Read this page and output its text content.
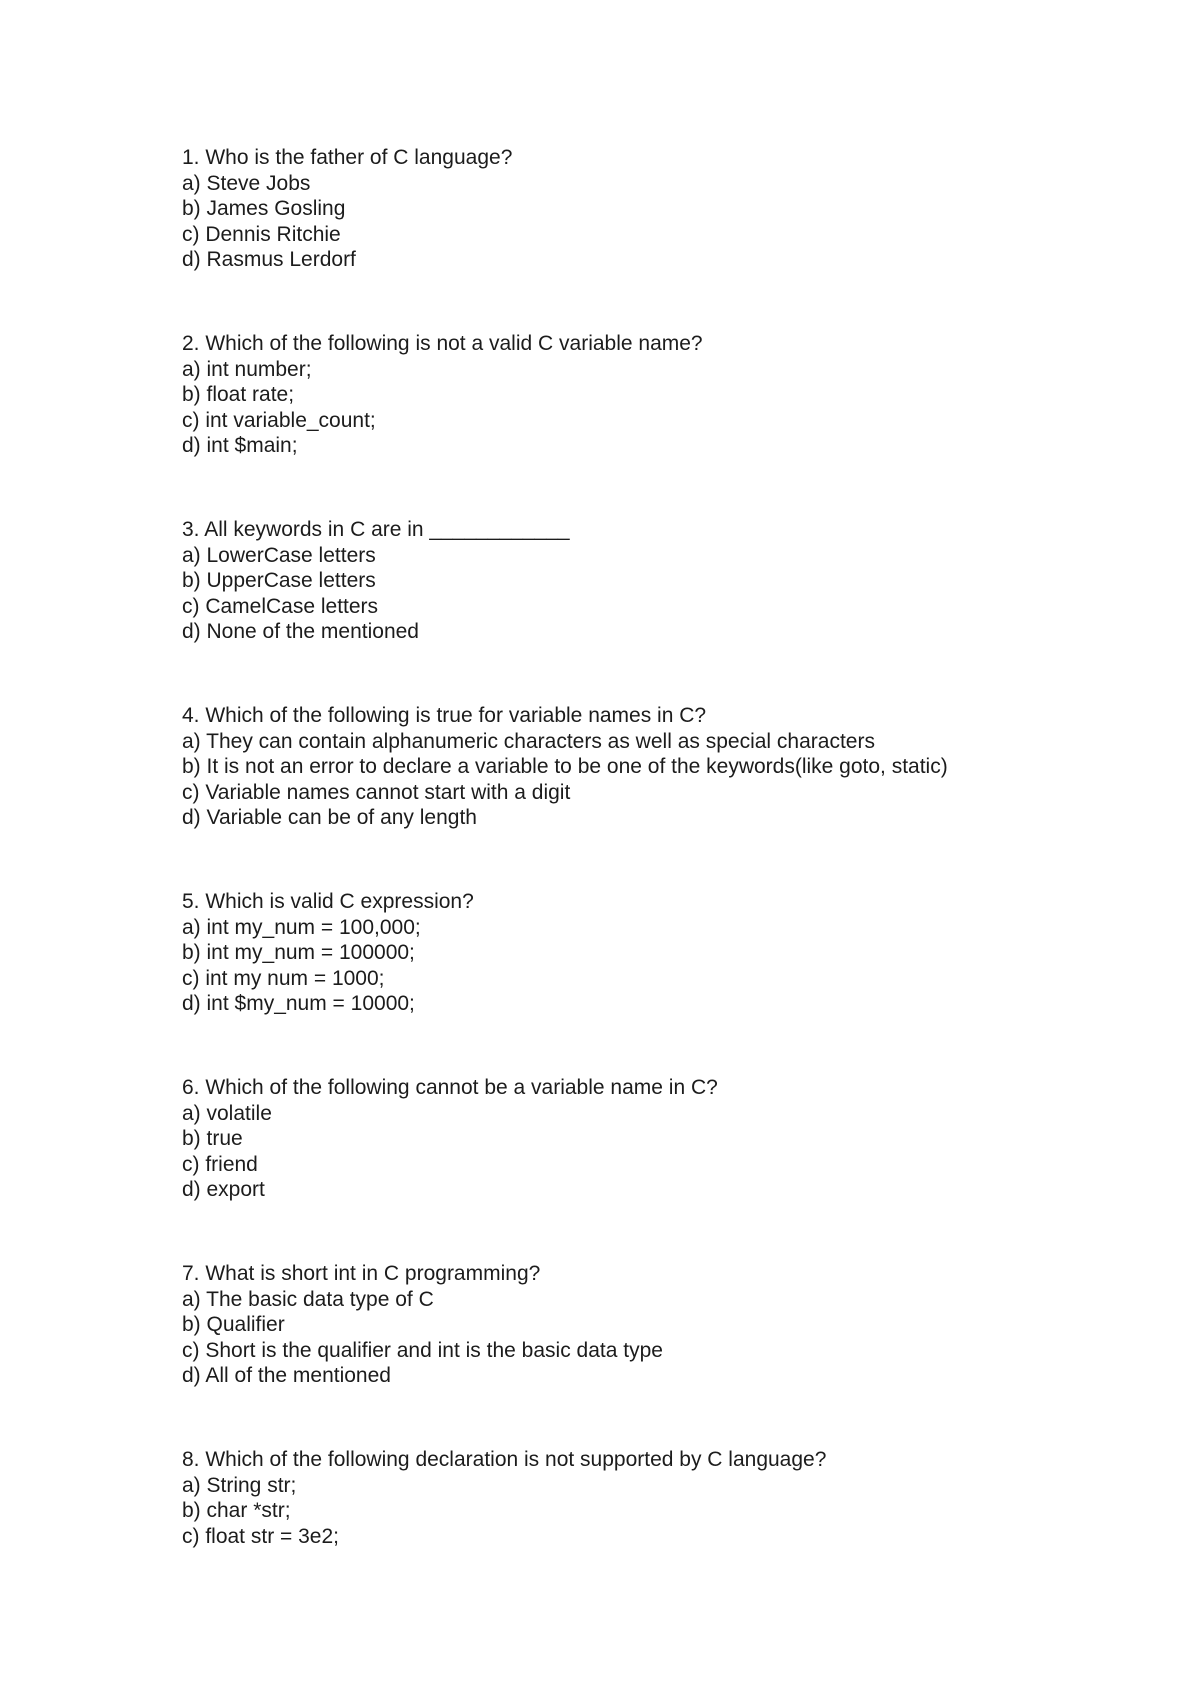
1. Who is the father of C language?
a) Steve Jobs
b) James Gosling
c) Dennis Ritchie
d) Rasmus Lerdorf
2. Which of the following is not a valid C variable name?
a) int number;
b) float rate;
c) int variable_count;
d) int $main;
3. All keywords in C are in ____________
a) LowerCase letters
b) UpperCase letters
c) CamelCase letters
d) None of the mentioned
4. Which of the following is true for variable names in C?
a) They can contain alphanumeric characters as well as special characters
b) It is not an error to declare a variable to be one of the keywords(like goto, static)
c) Variable names cannot start with a digit
d) Variable can be of any length
5. Which is valid C expression?
a) int my_num = 100,000;
b) int my_num = 100000;
c) int my num = 1000;
d) int $my_num = 10000;
6. Which of the following cannot be a variable name in C?
a) volatile
b) true
c) friend
d) export
7. What is short int in C programming?
a) The basic data type of C
b) Qualifier
c) Short is the qualifier and int is the basic data type
d) All of the mentioned
8. Which of the following declaration is not supported by C language?
a) String str;
b) char *str;
c) float str = 3e2;
